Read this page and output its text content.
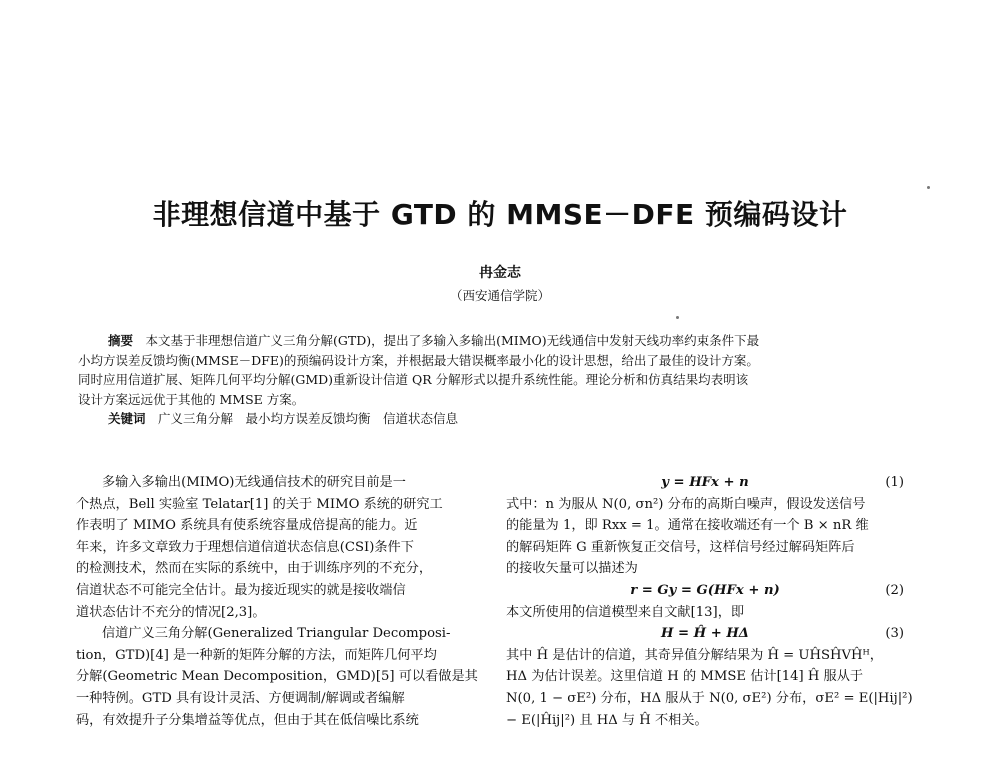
非理想信道中基于 GTD 的 MMSE－DFE 预编码设计
冉金志
（西安通信学院）
摘要　 本文基于非理想信道广义三角分解(GTD)，提出了多输入多输出(MIMO)无线通信中发射天线功率约束条件下最
小均方误差反馈均衡(MMSE－DFE)的预编码设计方案，并根据最大错误概率最小化的设计思想，给出了最佳的设计方案。
同时应用信道扩展、矩阵几何平均分解(GMD)重新设计信道 QR 分解形式以提升系统性能。理论分析和仿真结果均表明该
设计方案远远优于其他的 MMSE 方案。
关键词　 广义三角分解　最小均方误差反馈均衡　信道状态信息
多输入多输出(MIMO)无线通信技术的研究目前是一
个热点，Bell 实验室 Telatar[1] 的关于 MIMO 系统的研究工
作表明了 MIMO 系统具有使系统容量成倍提高的能力。近
年来，许多文章致力于理想信道信道状态信息(CSI)条件下
的检测技术，然而在实际的系统中，由于训练序列的不充分，
信道状态不可能完全估计。最为接近现实的就是接收端信
道状态估计不充分的情况[2,3]。
信道广义三角分解(Generalized Triangular Decomposi-
tion，GTD)[4] 是一种新的矩阵分解的方法，而矩阵几何平均
分解(Geometric Mean Decomposition，GMD)[5] 可以看做是其
一种特例。GTD 具有设计灵活、方便调制/解调或者编解
码，有效提升子分集增益等优点，但由于其在低信噪比系统
y = HFx + n	(1)
式中：n 为服从 N(0, σn²) 分布的高斯白噪声，假设发送信号
的能量为 1，即 Rxx = 1。通常在接收端还有一个 B × nR 维
的解码矩阵 G 重新恢复正交信号，这样信号经过解码矩阵后
的接收矢量可以描述为
r = Gy = G(HFx + n)	(2)
本文所使用的信道模型来自文献[13]，即
H = Ĥ + HΔ	(3)
其中 Ĥ 是估计的信道，其奇异值分解结果为 Ĥ = UĤSĤVĤᴴ，
HΔ 为估计误差。这里信道 H 的 MMSE 估计[14] Ĥ 服从于
N(0, 1 − σE²) 分布，HΔ 服从于 N(0, σE²) 分布，σE² = E(|Hij|²)
− E(|Ĥij|²) 且 HΔ 与 Ĥ 不相关。
